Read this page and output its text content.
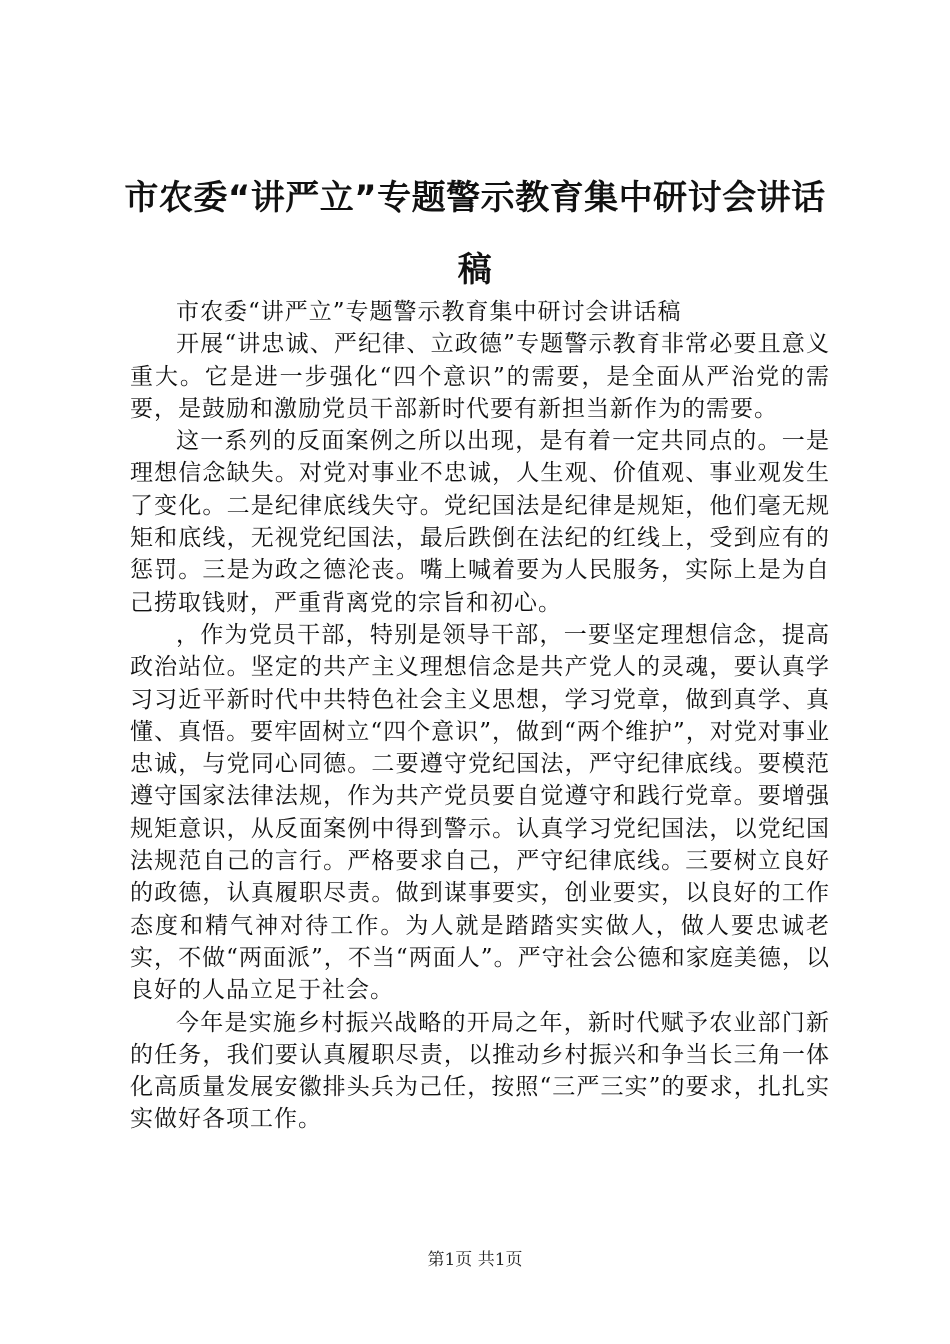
市农委“讲严立”专题警示教育集中研讨会讲话稿

市农委“讲严立”专题警示教育集中研讨会讲话稿

开展“讲忠诚、严纪律、立政德”专题警示教育非常必要且意义重大。它是进一步强化“四个意识”的需要，是全面从严治党的需要，是鼓励和激励党员干部新时代要有新担当新作为的需要。

这一系列的反面案例之所以出现，是有着一定共同点的。一是理想信念缺失。对党对事业不忠诚，人生观、价值观、事业观发生了变化。二是纪律底线失守。党纪国法是纪律是规矩，他们毫无规矩和底线，无视党纪国法，最后跌倒在法纪的红线上，受到应有的惩罚。三是为政之德沦丧。嘴上喊着要为人民服务，实际上是为自己捞取钱财，严重背离党的宗旨和初心。

，作为党员干部，特别是领导干部，一要坚定理想信念，提高政治站位。坚定的共产主义理想信念是共产党人的灵魂，要认真学习习近平新时代中共特色社会主义思想，学习党章，做到真学、真懂、真悟。要牢固树立“四个意识”，做到“两个维护”，对党对事业忠诚，与党同心同德。二要遵守党纪国法，严守纪律底线。要模范遵守国家法律法规，作为共产党员要自觉遵守和践行党章。要增强规矩意识，从反面案例中得到警示。认真学习党纪国法，以党纪国法规范自己的言行。严格要求自己，严守纪律底线。三要树立良好的政德，认真履职尽责。做到谋事要实，创业要实，以良好的工作态度和精气神对待工作。为人就是踏踏实实做人，做人要忠诚老实，不做“两面派”，不当“两面人”。严守社会公德和家庭美德，以良好的人品立足于社会。

今年是实施乡村振兴战略的开局之年，新时代赋予农业部门新的任务，我们要认真履职尽责，以推动乡村振兴和争当长三角一体化高质量发展安徽排头兵为己任，按照“三严三实”的要求，扎扎实实做好各项工作。

第1页 共1页
